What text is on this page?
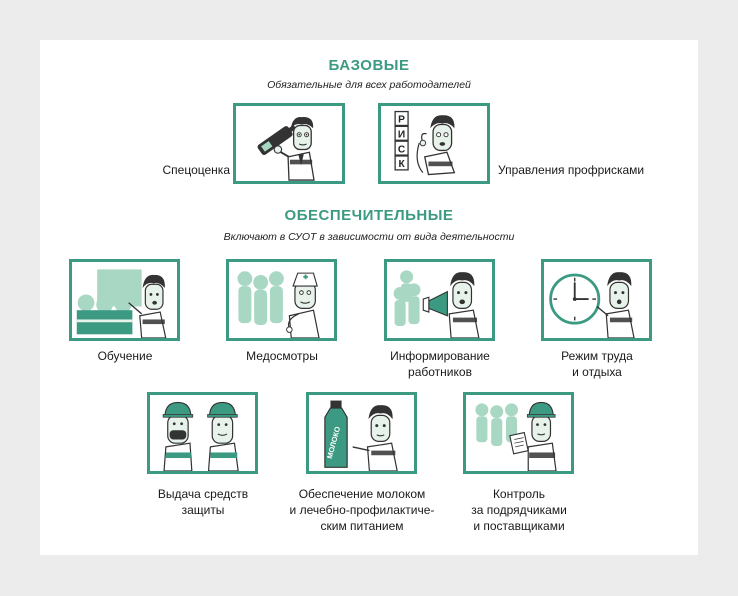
БАЗОВЫЕ
Обязательные для всех работодателей
Спецоценка
Р
И
С
К	Управления профрисками
ОБЕСПЕЧИТЕЛЬНЫЕ
Включают в СУОТ в зависимости от вида деятельности
Обучение	Медосмотры	Информирование
работников
Режим труда
и отдыха
Выдача средств
защиты
МОЛОКО
Обеспечение молоком
и лечебно-профилактиче-
ским питанием
Контроль
за подрядчиками
и поставщиками
